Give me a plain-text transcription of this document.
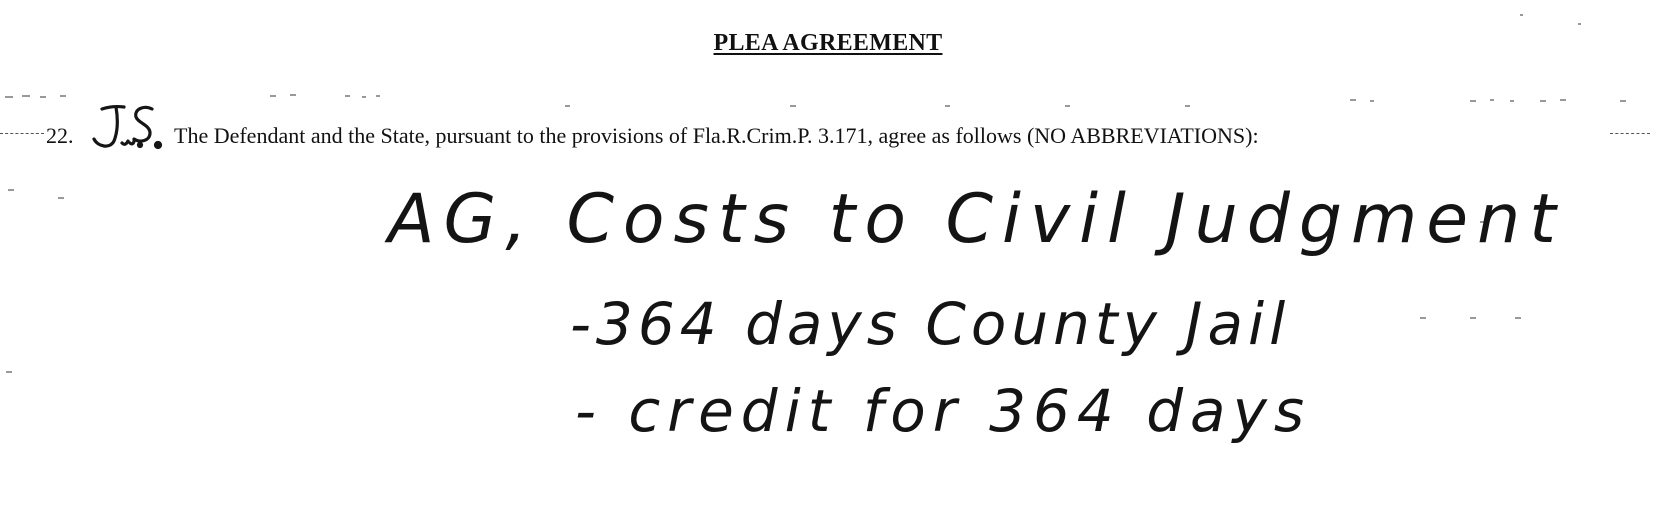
PLEA AGREEMENT
22.	The Defendant and the State, pursuant to the provisions of Fla.R.Crim.P. 3.171, agree as follows (NO ABBREVIATIONS):
AG, Costs to Civil Judgment
-364 days County Jail
- credit for 364 days
